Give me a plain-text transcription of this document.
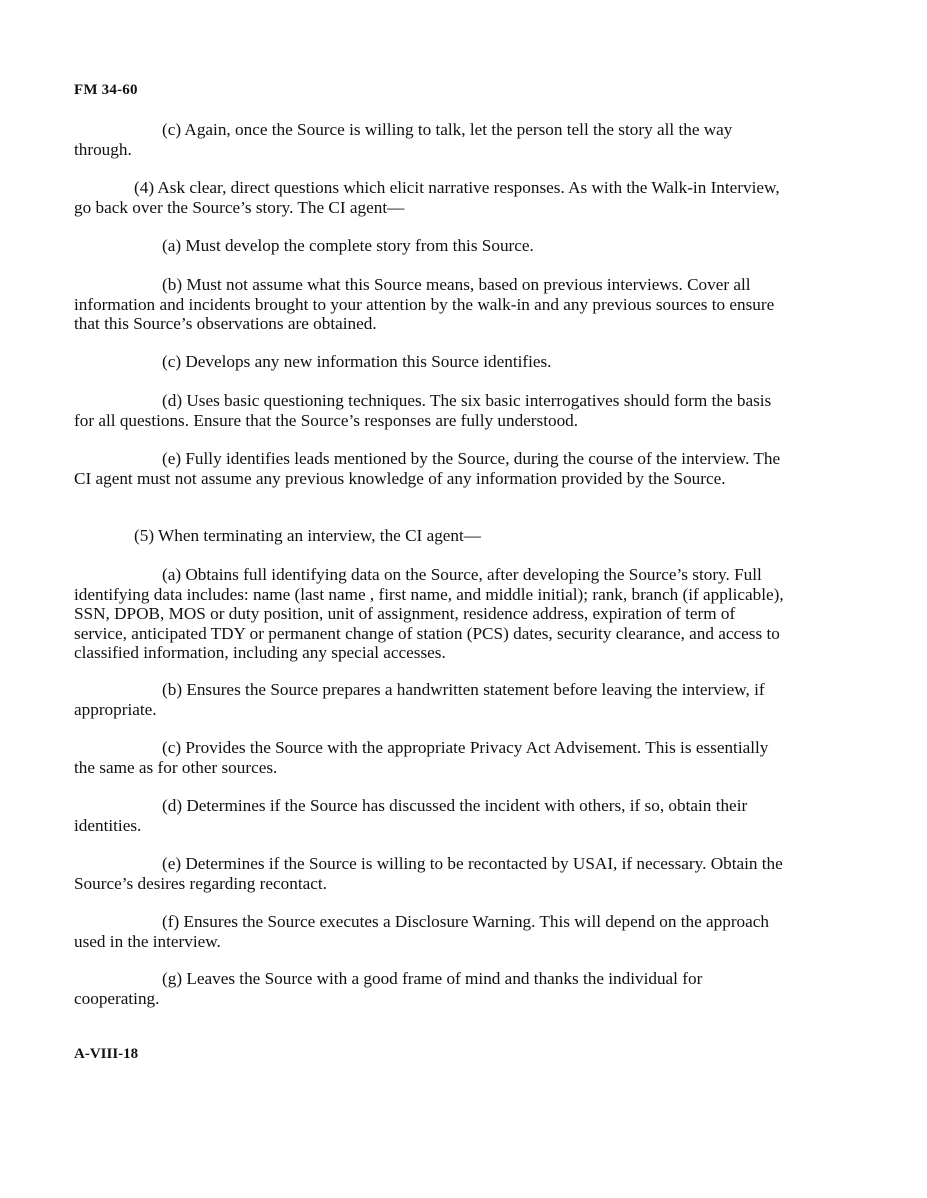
FM 34-60

(c) Again, once the Source is willing to talk, let the person tell the story all the way through.

(4) Ask clear, direct questions which elicit narrative responses. As with the Walk-in Interview, go back over the Source’s story. The CI agent—

(a) Must develop the complete story from this Source.

(b) Must not assume what this Source means, based on previous interviews. Cover all information and incidents brought to your attention by the walk-in and any previous sources to ensure that this Source’s observations are obtained.

(c) Develops any new information this Source identifies.

(d) Uses basic questioning techniques. The six basic interrogatives should form the basis for all questions. Ensure that the Source’s responses are fully understood.

(e) Fully identifies leads mentioned by the Source, during the course of the interview. The CI agent must not assume any previous knowledge of any information provided by the Source.

(5) When terminating an interview, the CI agent—

(a) Obtains full identifying data on the Source, after developing the Source’s story. Full identifying data includes: name (last name , first name, and middle initial); rank, branch (if applicable), SSN, DPOB, MOS or duty position, unit of assignment, residence address, expiration of term of service, anticipated TDY or permanent change of station (PCS) dates, security clearance, and access to classified information, including any special accesses.

(b) Ensures the Source prepares a handwritten statement before leaving the interview, if appropriate.

(c) Provides the Source with the appropriate Privacy Act Advisement. This is essentially the same as for other sources.

(d) Determines if the Source has discussed the incident with others, if so, obtain their identities.

(e) Determines if the Source is willing to be recontacted by USAI, if necessary. Obtain the Source’s desires regarding recontact.

(f) Ensures the Source executes a Disclosure Warning. This will depend on the approach used in the interview.

(g) Leaves the Source with a good frame of mind and thanks the individual for cooperating.

A-VIII-18
